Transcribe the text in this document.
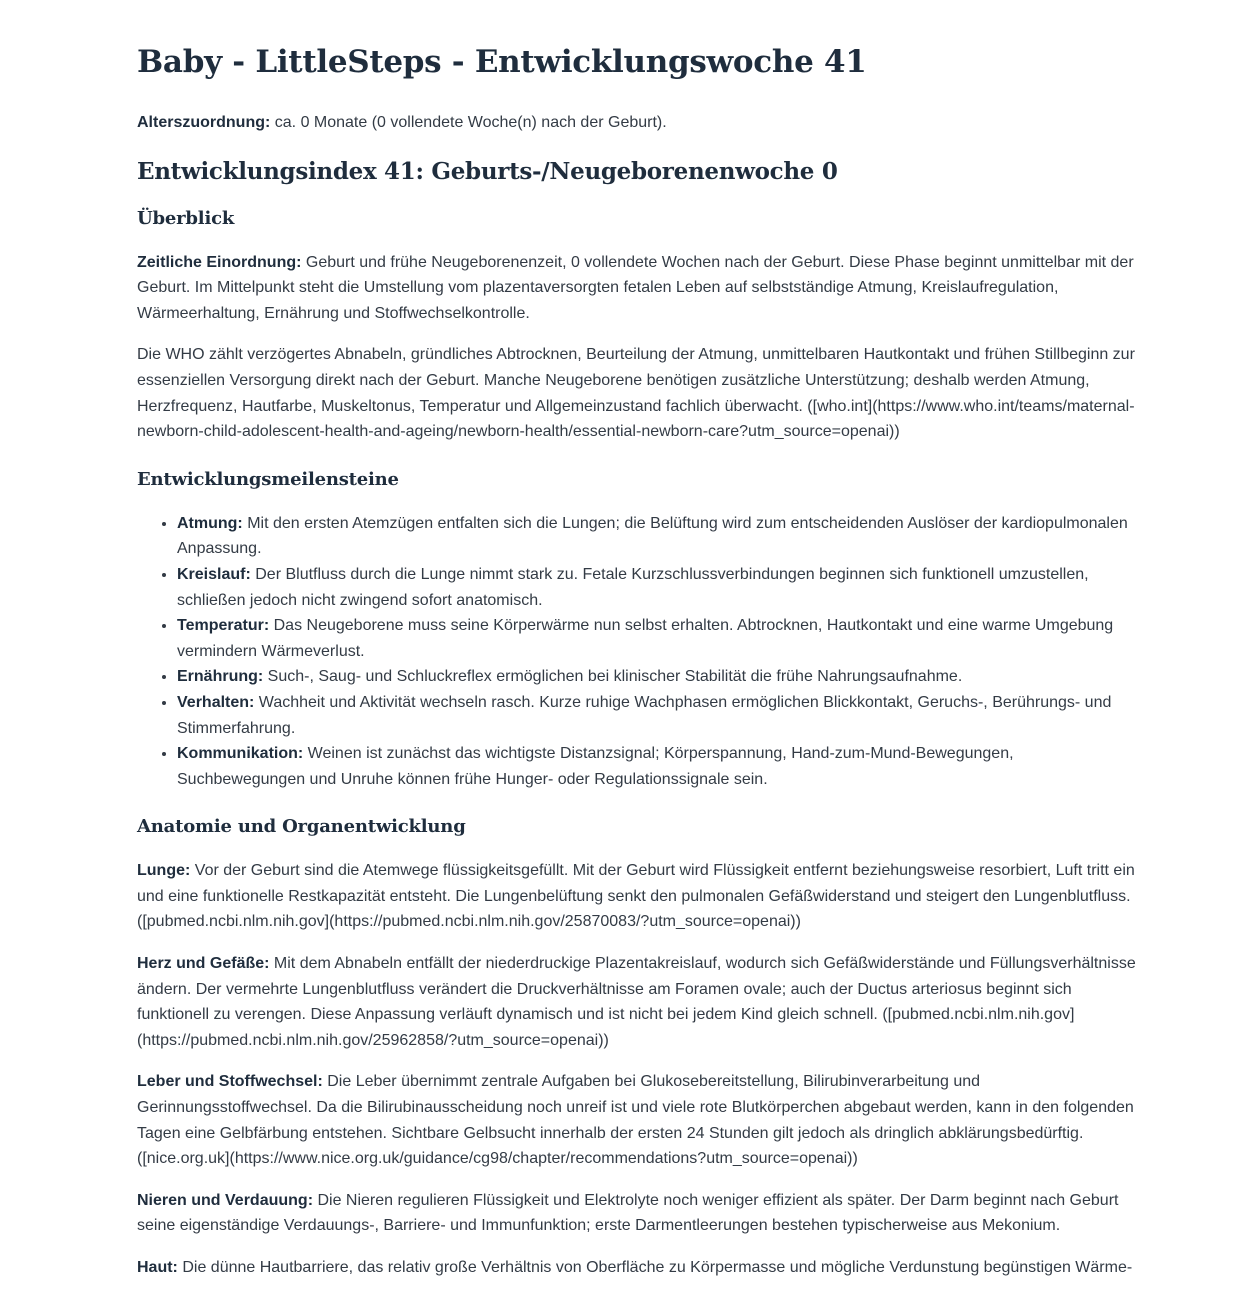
Baby - LittleSteps - Entwicklungswoche 41

Alterszuordnung: ca. 0 Monate (0 vollendete Woche(n) nach der Geburt).

Entwicklungsindex 41: Geburts-/Neugeborenenwoche 0
Überblick

Zeitliche Einordnung: Geburt und frühe Neugeborenenzeit, 0 vollendete Wochen nach der Geburt. Diese Phase beginnt unmittelbar mit der Geburt. Im Mittelpunkt steht die Umstellung vom plazentaversorgten fetalen Leben auf selbstständige Atmung, Kreislaufregulation, Wärmeerhaltung, Ernährung und Stoffwechselkontrolle.

Die WHO zählt verzögertes Abnabeln, gründliches Abtrocknen, Beurteilung der Atmung, unmittelbaren Hautkontakt und frühen Stillbeginn zur essenziellen Versorgung direkt nach der Geburt. Manche Neugeborene benötigen zusätzliche Unterstützung; deshalb werden Atmung, Herzfrequenz, Hautfarbe, Muskeltonus, Temperatur und Allgemeinzustand fachlich überwacht. ([who.int](https://www.who.int/teams/maternal-newborn-child-adolescent-health-and-ageing/newborn-health/essential-newborn-care?utm_source=openai))

Entwicklungsmeilensteine
• Atmung: Mit den ersten Atemzügen entfalten sich die Lungen; die Belüftung wird zum entscheidenden Auslöser der kardiopulmonalen Anpassung.
• Kreislauf: Der Blutfluss durch die Lunge nimmt stark zu. Fetale Kurzschlussverbindungen beginnen sich funktionell umzustellen, schließen jedoch nicht zwingend sofort anatomisch.
• Temperatur: Das Neugeborene muss seine Körperwärme nun selbst erhalten. Abtrocknen, Hautkontakt und eine warme Umgebung vermindern Wärmeverlust.
• Ernährung: Such-, Saug- und Schluckreflex ermöglichen bei klinischer Stabilität die frühe Nahrungsaufnahme.
• Verhalten: Wachheit und Aktivität wechseln rasch. Kurze ruhige Wachphasen ermöglichen Blickkontakt, Geruchs-, Berührungs- und Stimmerfahrung.
• Kommunikation: Weinen ist zunächst das wichtigste Distanzsignal; Körperspannung, Hand-zum-Mund-Bewegungen, Suchbewegungen und Unruhe können frühe Hunger- oder Regulationssignale sein.
Anatomie und Organentwicklung

Lunge: Vor der Geburt sind die Atemwege flüssigkeitsgefüllt. Mit der Geburt wird Flüssigkeit entfernt beziehungsweise resorbiert, Luft tritt ein und eine funktionelle Restkapazität entsteht. Die Lungenbelüftung senkt den pulmonalen Gefäßwiderstand und steigert den Lungenblutfluss. ([pubmed.ncbi.nlm.nih.gov](https://pubmed.ncbi.nlm.nih.gov/25870083/?utm_source=openai))

Herz und Gefäße: Mit dem Abnabeln entfällt der niederdruckige Plazentakreislauf, wodurch sich Gefäßwiderstände und Füllungsverhältnisse ändern. Der vermehrte Lungenblutfluss verändert die Druckverhältnisse am Foramen ovale; auch der Ductus arteriosus beginnt sich funktionell zu verengen. Diese Anpassung verläuft dynamisch und ist nicht bei jedem Kind gleich schnell. ([pubmed.ncbi.nlm.nih.gov](https://pubmed.ncbi.nlm.nih.gov/25962858/?utm_source=openai))

Leber und Stoffwechsel: Die Leber übernimmt zentrale Aufgaben bei Glukosebereitstellung, Bilirubinverarbeitung und Gerinnungsstoffwechsel. Da die Bilirubinausscheidung noch unreif ist und viele rote Blutkörperchen abgebaut werden, kann in den folgenden Tagen eine Gelbfärbung entstehen. Sichtbare Gelbsucht innerhalb der ersten 24 Stunden gilt jedoch als dringlich abklärungsbedürftig. ([nice.org.uk](https://www.nice.org.uk/guidance/cg98/chapter/recommendations?utm_source=openai))

Nieren und Verdauung: Die Nieren regulieren Flüssigkeit und Elektrolyte noch weniger effizient als später. Der Darm beginnt nach Geburt seine eigenständige Verdauungs-, Barriere- und Immunfunktion; erste Darmentleerungen bestehen typischerweise aus Mekonium.

Haut: Die dünne Hautbarriere, das relativ große Verhältnis von Oberfläche zu Körpermasse und mögliche Verdunstung begünstigen Wärme-
